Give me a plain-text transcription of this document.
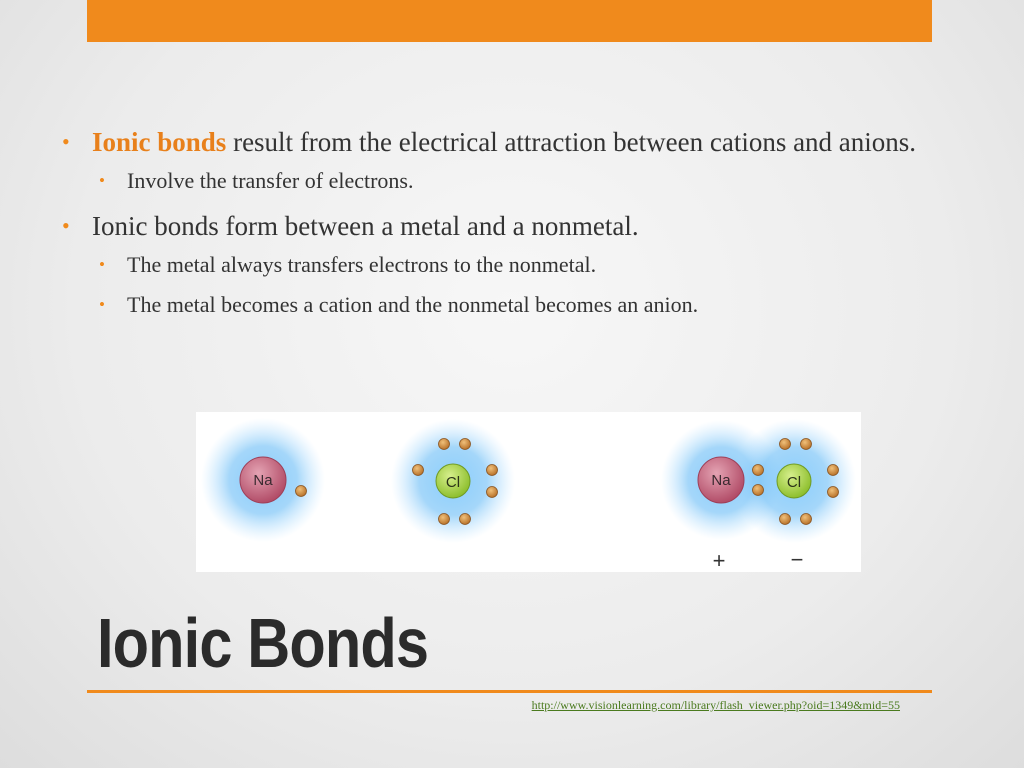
• Ionic bonds result from the electrical attraction between cations and anions.
• Involve the transfer of electrons.
• Ionic bonds form between a metal and a nonmetal.
• The metal always transfers electrons to the nonmetal.
• The metal becomes a cation and the nonmetal becomes an anion.
Na	Cl	Na	Cl
+	−
Ionic Bonds
http://www.visionlearning.com/library/flash_viewer.php?oid=1349&mid=55
